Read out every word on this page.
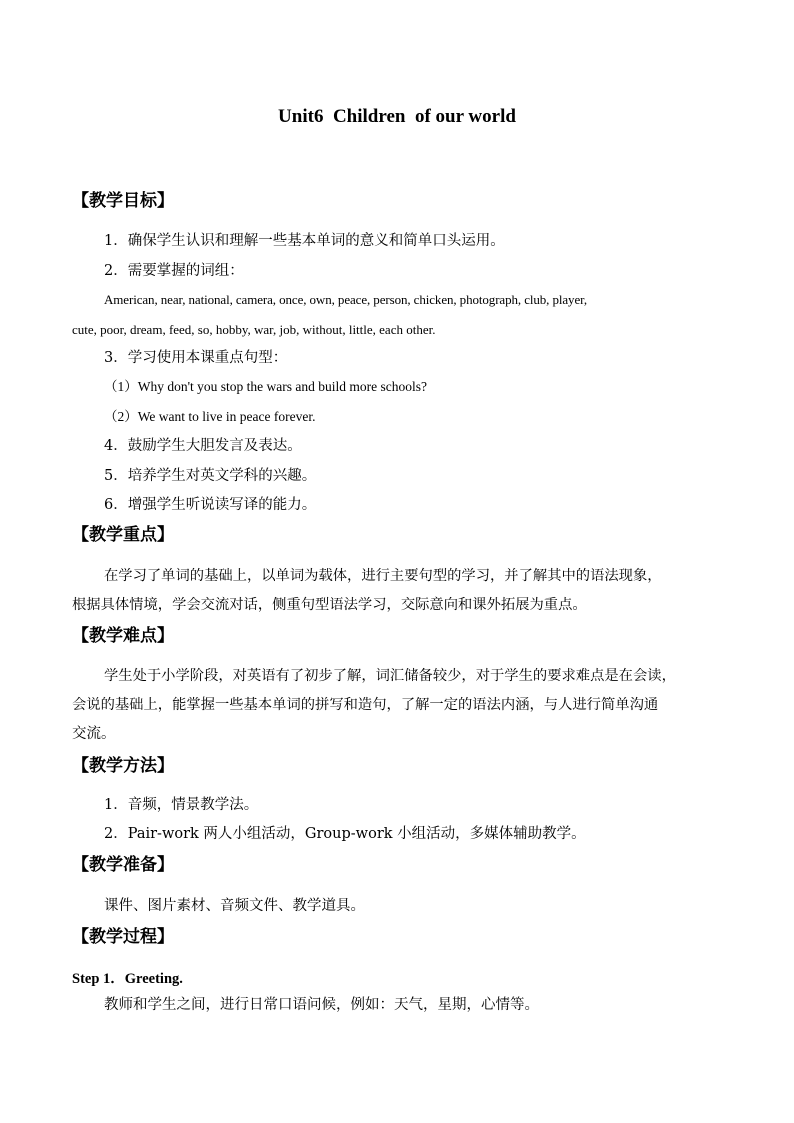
Unit6  Children  of our world
【教学目标】
1．确保学生认识和理解一些基本单词的意义和简单口头运用。
2．需要掌握的词组：
American, near, national, camera, once, own, peace, person, chicken, photograph, club, player,
cute, poor, dream, feed, so, hobby, war, job, without, little, each other.
3．学习使用本课重点句型：
（1）Why don't you stop the wars and build more schools?
（2）We want to live in peace forever.
4．鼓励学生大胆发言及表达。
5．培养学生对英文学科的兴趣。
6．增强学生听说读写译的能力。
【教学重点】
在学习了单词的基础上，以单词为载体，进行主要句型的学习，并了解其中的语法现象，
根据具体情境，学会交流对话，侧重句型语法学习，交际意向和课外拓展为重点。
【教学难点】
学生处于小学阶段，对英语有了初步了解，词汇储备较少，对于学生的要求难点是在会读，
会说的基础上，能掌握一些基本单词的拼写和造句，了解一定的语法内涵，与人进行简单沟通
交流。
【教学方法】
1．音频，情景教学法。
2．Pair-work 两人小组活动，Group-work 小组活动，多媒体辅助教学。
【教学准备】
课件、图片素材、音频文件、教学道具。
【教学过程】
Step 1．Greeting.
教师和学生之间，进行日常口语问候，例如：天气，星期，心情等。
